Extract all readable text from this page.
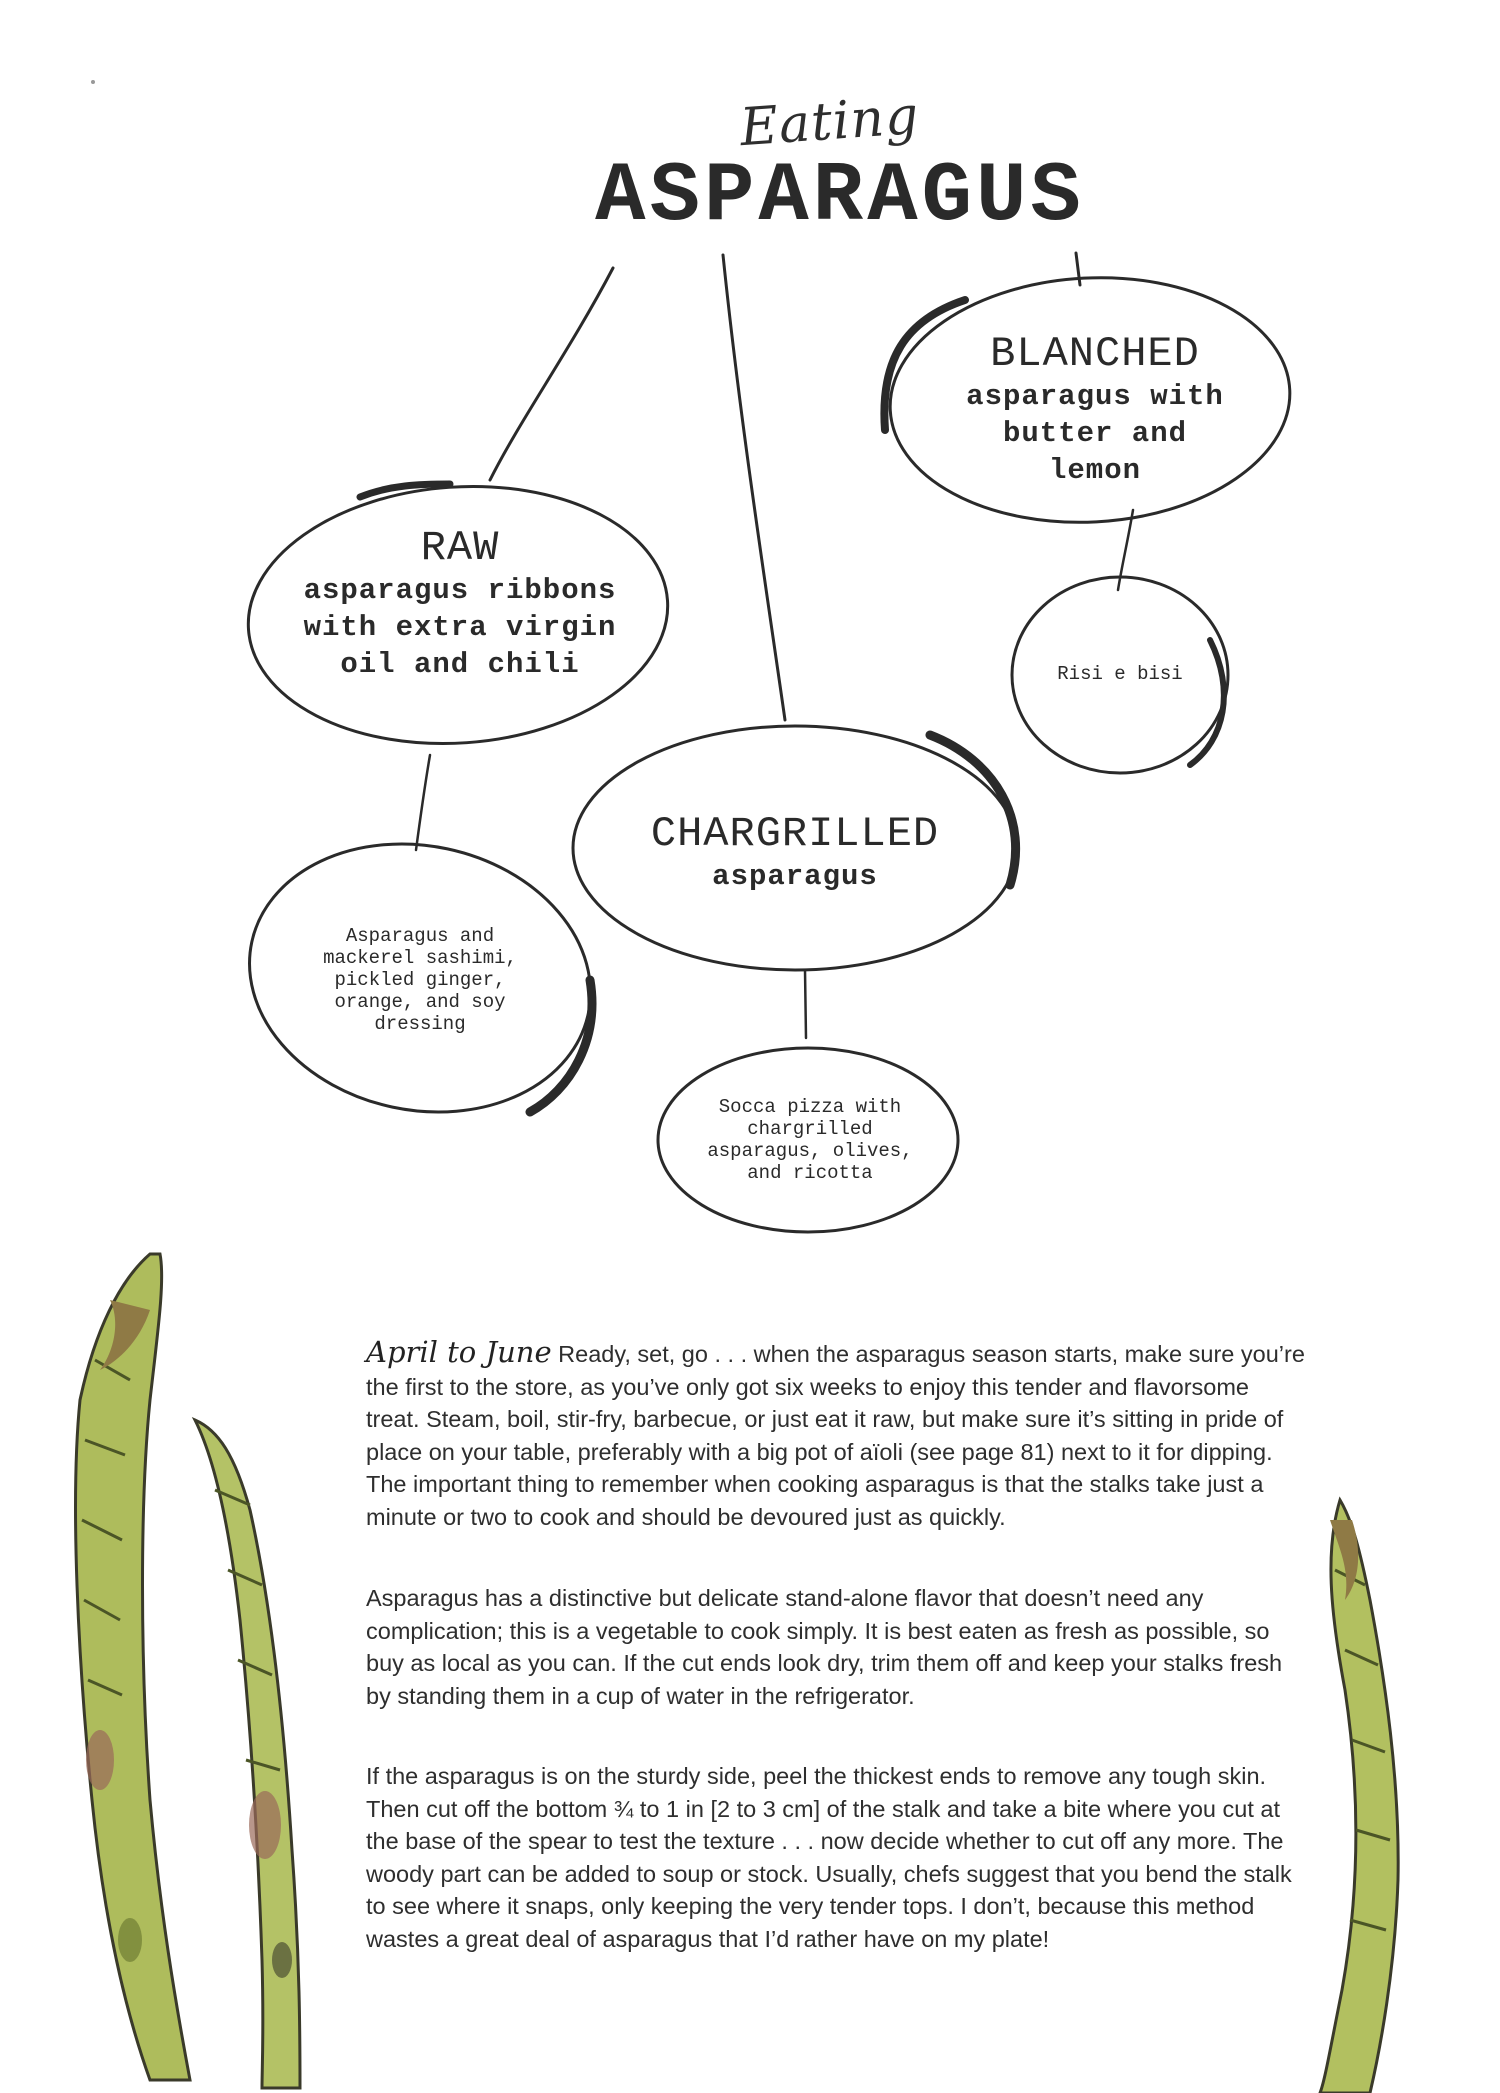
Eating
ASPARAGUS
RAW
asparagus ribbons
with extra virgin
oil and chili
CHARGRILLED
asparagus
BLANCHED
asparagus with
butter and
lemon
Asparagus and
mackerel sashimi,
pickled ginger,
orange, and soy
dressing
Socca pizza with
chargrilled
asparagus, olives,
and ricotta
Risi e bisi

April to June Ready, set, go . . . when the asparagus season starts, make sure you’re the first to the store, as you’ve only got six weeks to enjoy this tender and flavorsome treat. Steam, boil, stir-fry, barbecue, or just eat it raw, but make sure it’s sitting in pride of place on your table, preferably with a big pot of aïoli (see page 81) next to it for dipping. The important thing to remember when cooking asparagus is that the stalks take just a minute or two to cook and should be devoured just as quickly.

Asparagus has a distinctive but delicate stand-alone flavor that doesn’t need any complication; this is a vegetable to cook simply. It is best eaten as fresh as possible, so buy as local as you can. If the cut ends look dry, trim them off and keep your stalks fresh by standing them in a cup of water in the refrigerator.

If the asparagus is on the sturdy side, peel the thickest ends to remove any tough skin. Then cut off the bottom ¾ to 1 in [2 to 3 cm] of the stalk and take a bite where you cut at the base of the spear to test the texture . . . now decide whether to cut off any more. The woody part can be added to soup or stock. Usually, chefs suggest that you bend the stalk to see where it snaps, only keeping the very tender tops. I don’t, because this method wastes a great deal of asparagus that I’d rather have on my plate!
